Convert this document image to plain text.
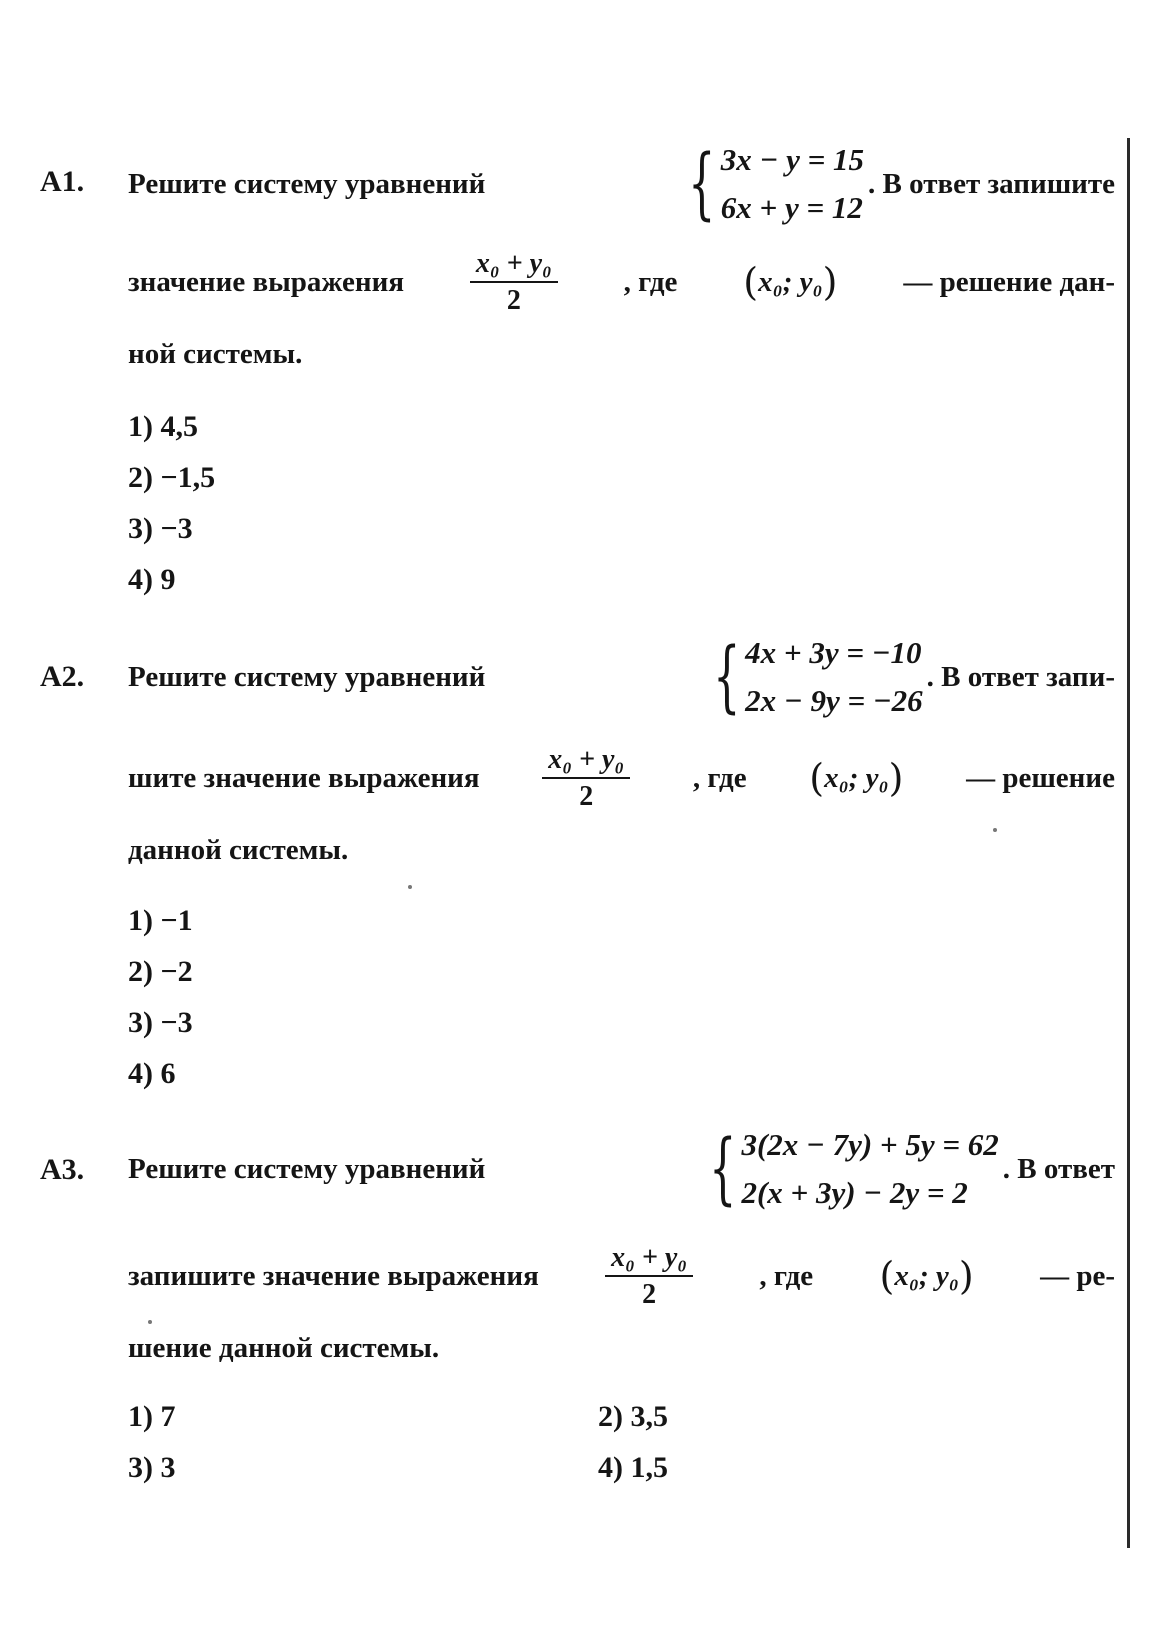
A1. Решите систему уравнений	{ 3x − y = 15
6x + y = 12
. В ответ запишите
значение выражения $\frac{\text{x₀ + y₀}}{2}$ , где (x₀; y₀) — решение дан-
ной системы.
1) 4,5
2) −1,5
3) −3
4) 9
A2. Решите систему уравнений	{ 4x + 3y = −10
2x − 9y = −26
. В ответ запи-
шите значение выражения $\frac{\text{x₀ + y₀}}{2}$ , где (x₀; y₀) — решение
данной системы.
1) −1
2) −2
3) −3
4) 6
A3. Решите систему уравнений	{ 3(2x − 7y) + 5y = 62
2(x + 3y) − 2y = 2
. В ответ
запишите значение выражения $\frac{\text{x₀ + y₀}}{2}$ , где (x₀; y₀) — ре-
шение данной системы.
1) 7	2) 3,5
3) 3	4) 1,5
